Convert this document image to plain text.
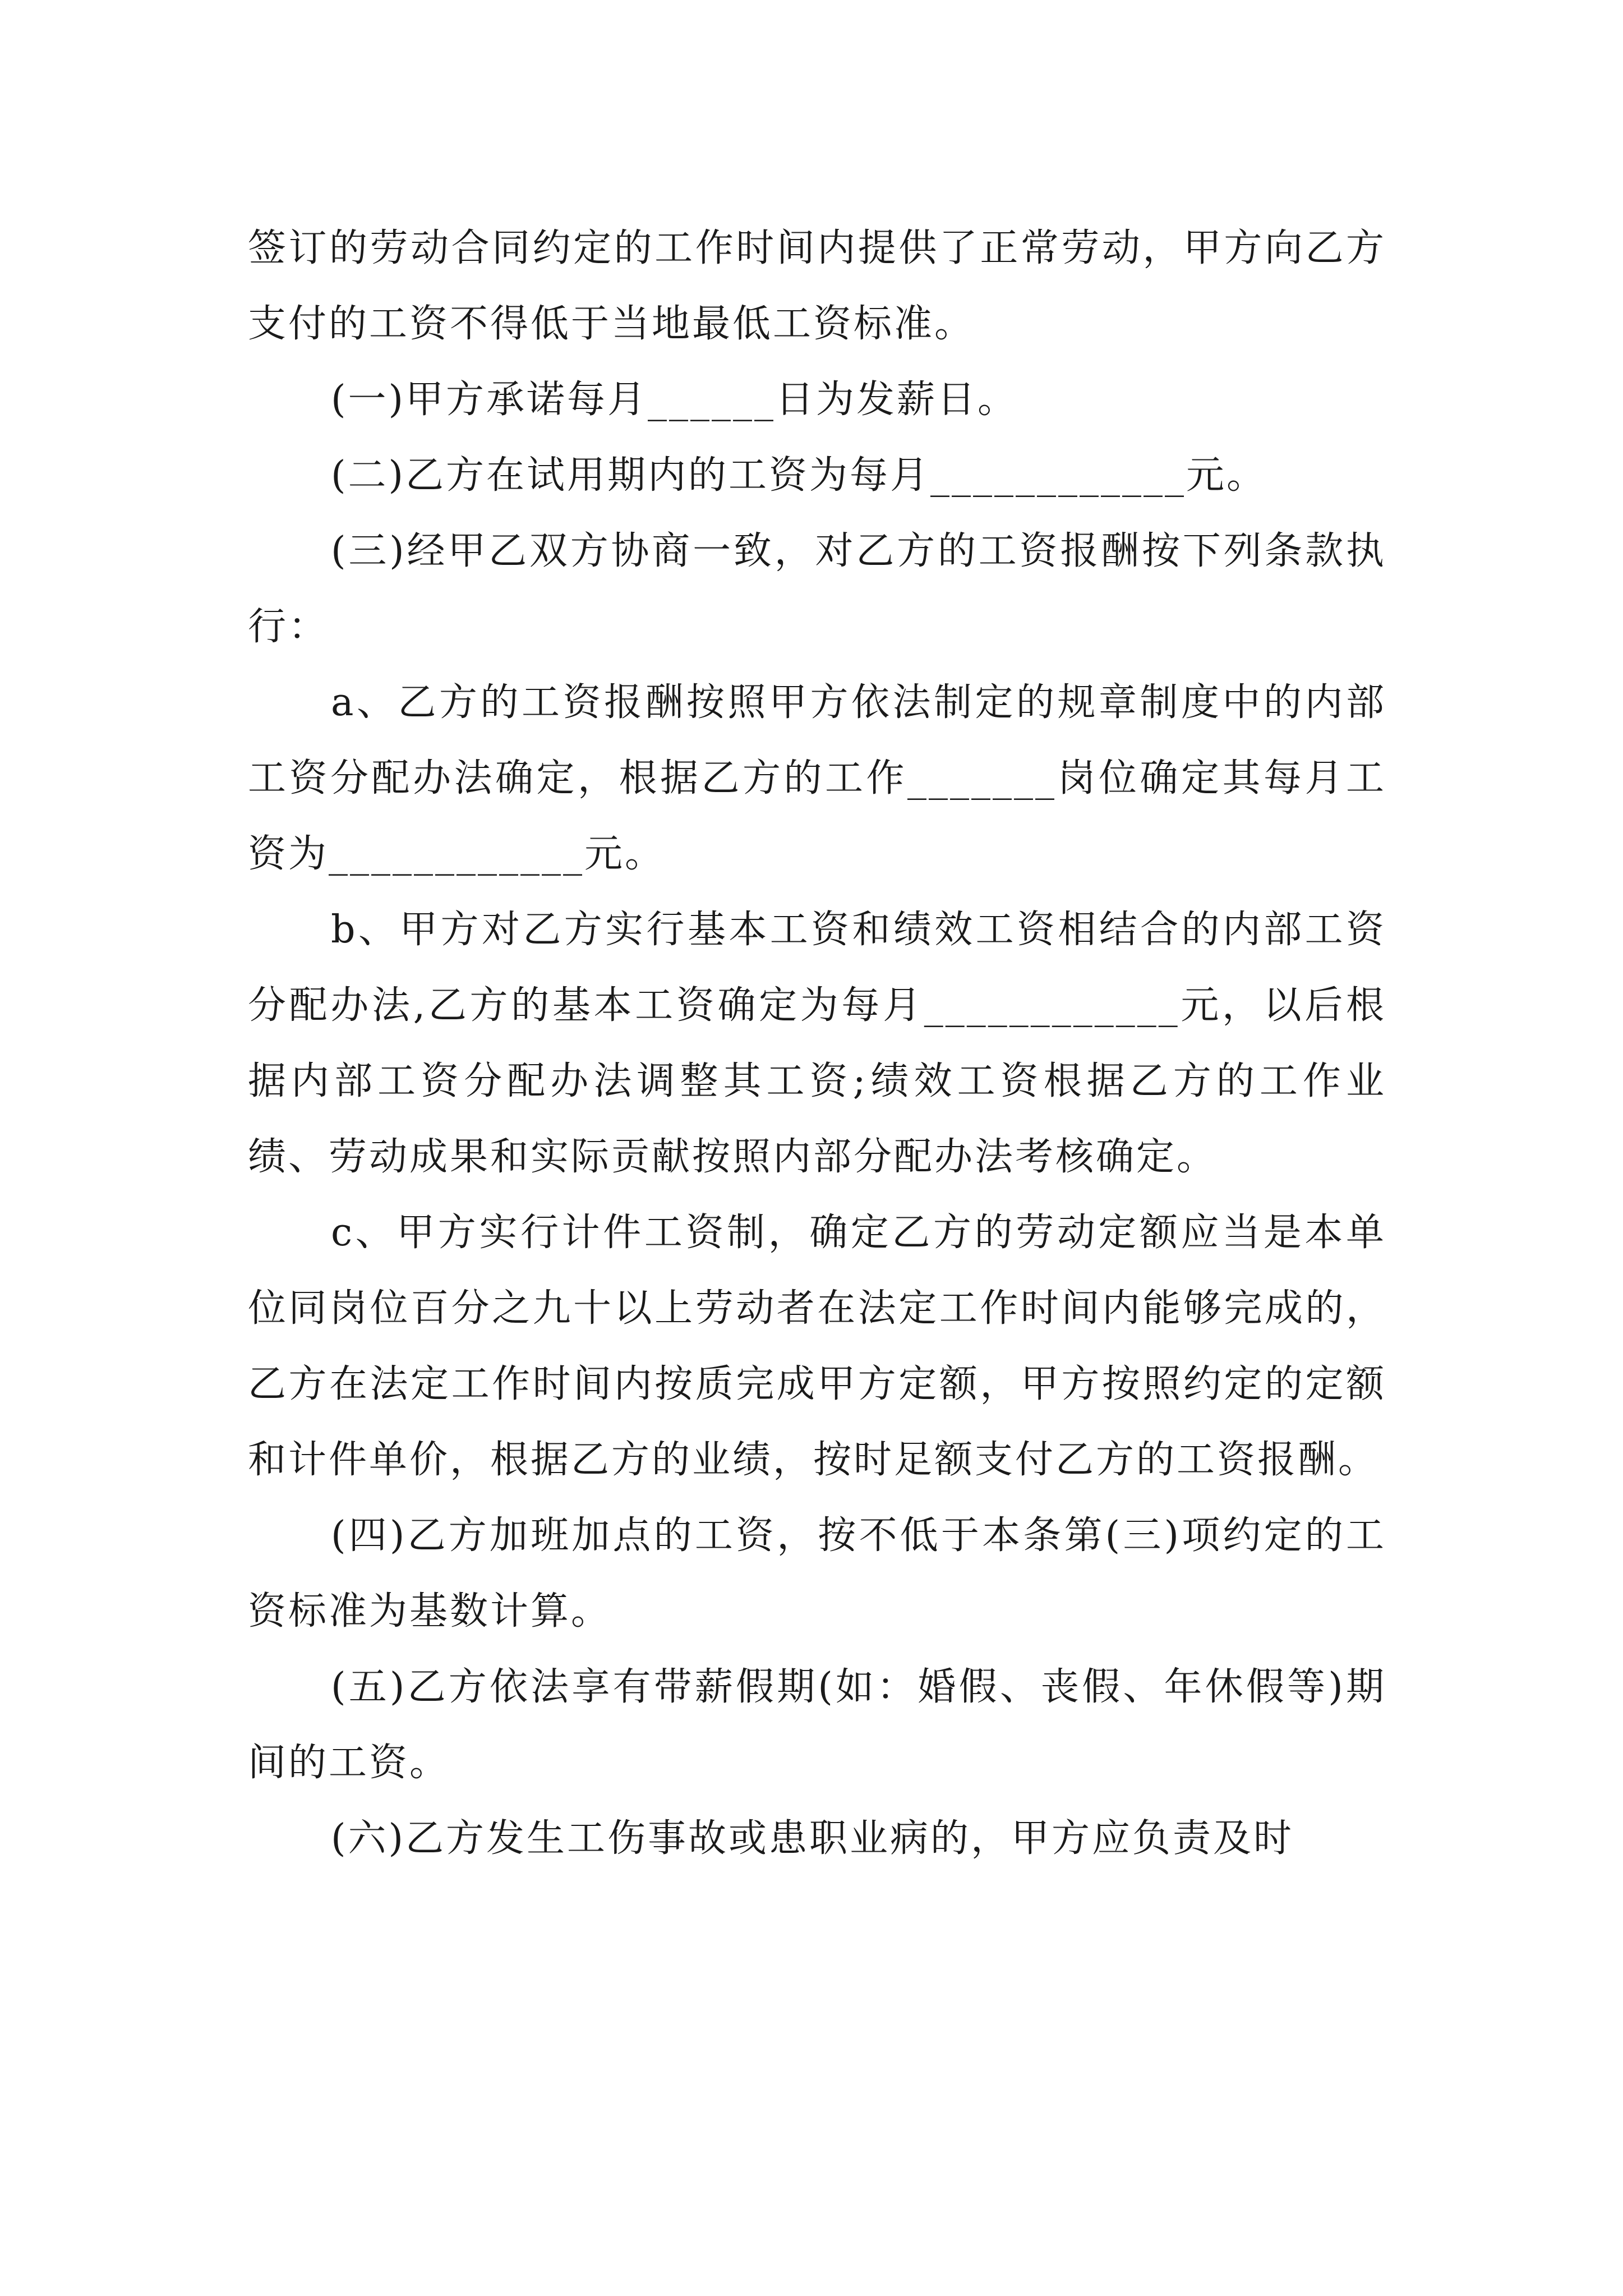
签订的劳动合同约定的工作时间内提供了正常劳动，甲方向乙方支付的工资不得低于当地最低工资标准。

(一)甲方承诺每月______日为发薪日。

(二)乙方在试用期内的工资为每月____________元。

(三)经甲乙双方协商一致，对乙方的工资报酬按下列条款执行：

a、乙方的工资报酬按照甲方依法制定的规章制度中的内部工资分配办法确定，根据乙方的工作_______岗位确定其每月工资为____________元。

b、甲方对乙方实行基本工资和绩效工资相结合的内部工资分配办法,乙方的基本工资确定为每月____________元，以后根据内部工资分配办法调整其工资;绩效工资根据乙方的工作业绩、劳动成果和实际贡献按照内部分配办法考核确定。

c、甲方实行计件工资制，确定乙方的劳动定额应当是本单位同岗位百分之九十以上劳动者在法定工作时间内能够完成的，乙方在法定工作时间内按质完成甲方定额，甲方按照约定的定额和计件单价，根据乙方的业绩，按时足额支付乙方的工资报酬。

(四)乙方加班加点的工资，按不低于本条第(三)项约定的工资标准为基数计算。

(五)乙方依法享有带薪假期(如：婚假、丧假、年休假等)期间的工资。

(六)乙方发生工伤事故或患职业病的，甲方应负责及时
